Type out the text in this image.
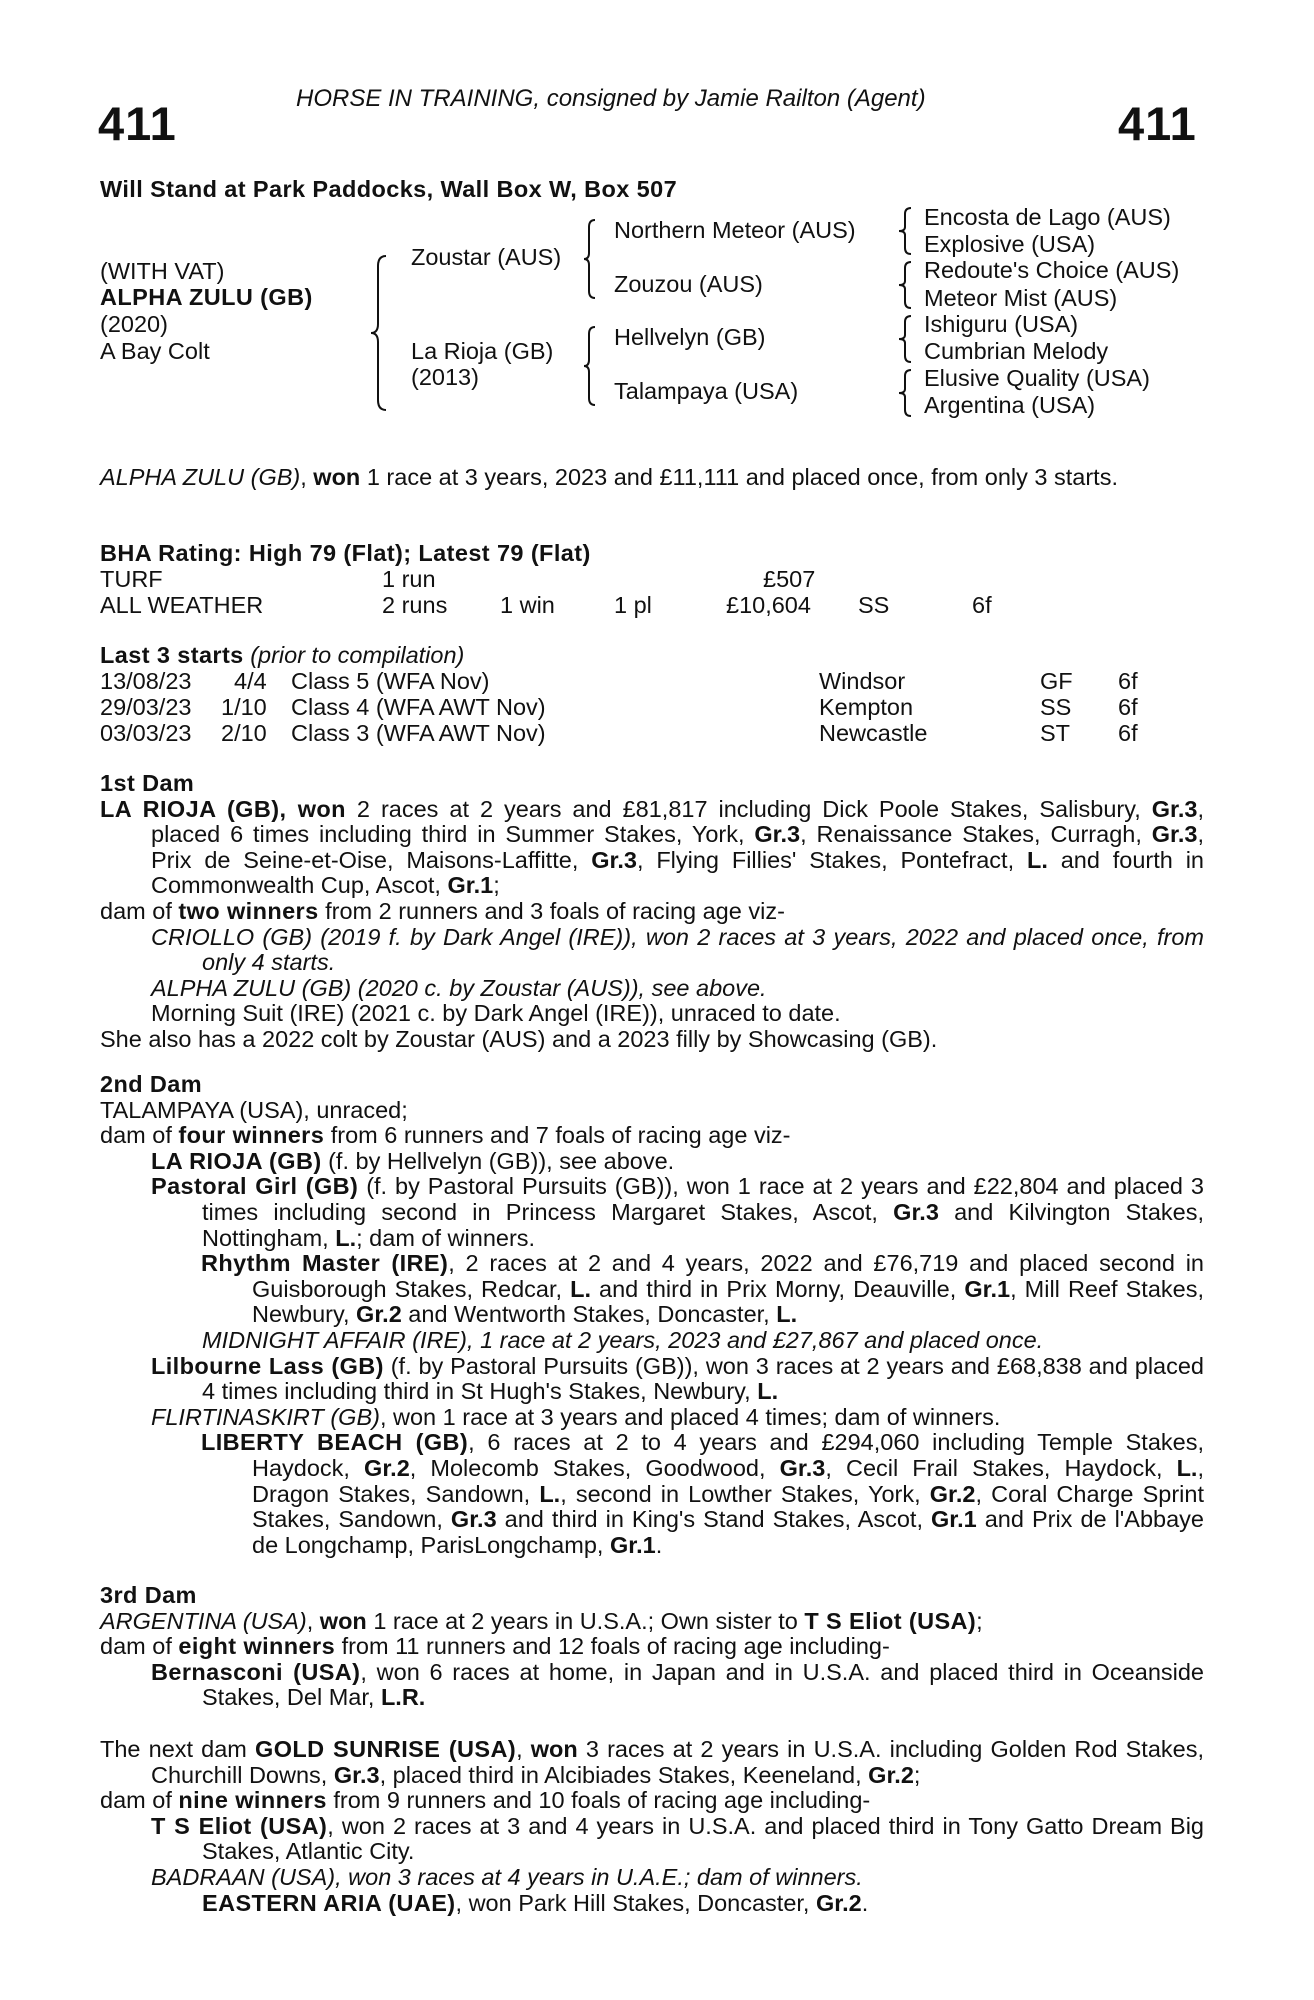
HORSE IN TRAINING, consigned by Jamie Railton (Agent)
411	411
Will Stand at Park Paddocks, Wall Box W, Box 507
(WITH VAT)
ALPHA ZULU (GB)
(2020)
A Bay Colt
Zoustar (AUS)
La Rioja (GB)
(2013)
Northern Meteor (AUS)
Zouzou (AUS)
Hellvelyn (GB)
Talampaya (USA)
Encosta de Lago (AUS)
Explosive (USA)
Redoute's Choice (AUS)
Meteor Mist (AUS)
Ishiguru (USA)
Cumbrian Melody
Elusive Quality (USA)
Argentina (USA)

ALPHA ZULU (GB), won 1 race at 3 years, 2023 and £11,111 and placed once, from only 3 starts.

BHA Rating: High 79 (Flat); Latest 79 (Flat)
TURF	1 run	£507
ALL WEATHER	2 runs 1 win	1 pl	£10,604 SS	6f
Last 3 starts (prior to compilation)
13/08/23 4/4 Class 5 (WFA Nov)	Windsor	GF 6f
29/03/23 1/10 Class 4 (WFA AWT Nov)	Kempton	SS 6f
03/03/23 2/10 Class 3 (WFA AWT Nov)	Newcastle	ST 6f

1st Dam

LA RIOJA (GB), won 2 races at 2 years and £81,817 including Dick Poole Stakes, Salisbury, Gr.3, placed 6 times including third in Summer Stakes, York, Gr.3, Renaissance Stakes, Curragh, Gr.3, Prix de Seine-et-Oise, Maisons-Laffitte, Gr.3, Flying Fillies' Stakes, Pontefract, L. and fourth in Commonwealth Cup, Ascot, Gr.1;

dam of two winners from 2 runners and 3 foals of racing age viz-

CRIOLLO (GB) (2019 f. by Dark Angel (IRE)), won 2 races at 3 years, 2022 and placed once, from only 4 starts.

ALPHA ZULU (GB) (2020 c. by Zoustar (AUS)), see above.

Morning Suit (IRE) (2021 c. by Dark Angel (IRE)), unraced to date.

She also has a 2022 colt by Zoustar (AUS) and a 2023 filly by Showcasing (GB).

2nd Dam

TALAMPAYA (USA), unraced;

dam of four winners from 6 runners and 7 foals of racing age viz-

LA RIOJA (GB) (f. by Hellvelyn (GB)), see above.

Pastoral Girl (GB) (f. by Pastoral Pursuits (GB)), won 1 race at 2 years and £22,804 and placed 3 times including second in Princess Margaret Stakes, Ascot, Gr.3 and Kilvington Stakes, Nottingham, L.; dam of winners.

Rhythm Master (IRE), 2 races at 2 and 4 years, 2022 and £76,719 and placed second in Guisborough Stakes, Redcar, L. and third in Prix Morny, Deauville, Gr.1, Mill Reef Stakes, Newbury, Gr.2 and Wentworth Stakes, Doncaster, L.

MIDNIGHT AFFAIR (IRE), 1 race at 2 years, 2023 and £27,867 and placed once.

Lilbourne Lass (GB) (f. by Pastoral Pursuits (GB)), won 3 races at 2 years and £68,838 and placed 4 times including third in St Hugh's Stakes, Newbury, L.

FLIRTINASKIRT (GB), won 1 race at 3 years and placed 4 times; dam of winners.

LIBERTY BEACH (GB), 6 races at 2 to 4 years and £294,060 including Temple Stakes, Haydock, Gr.2, Molecomb Stakes, Goodwood, Gr.3, Cecil Frail Stakes, Haydock, L., Dragon Stakes, Sandown, L., second in Lowther Stakes, York, Gr.2, Coral Charge Sprint Stakes, Sandown, Gr.3 and third in King's Stand Stakes, Ascot, Gr.1 and Prix de l'Abbaye de Longchamp, ParisLongchamp, Gr.1.

3rd Dam

ARGENTINA (USA), won 1 race at 2 years in U.S.A.; Own sister to T S Eliot (USA);

dam of eight winners from 11 runners and 12 foals of racing age including-

Bernasconi (USA), won 6 races at home, in Japan and in U.S.A. and placed third in Oceanside Stakes, Del Mar, L.R.

The next dam GOLD SUNRISE (USA), won 3 races at 2 years in U.S.A. including Golden Rod Stakes, Churchill Downs, Gr.3, placed third in Alcibiades Stakes, Keeneland, Gr.2;

dam of nine winners from 9 runners and 10 foals of racing age including-

T S Eliot (USA), won 2 races at 3 and 4 years in U.S.A. and placed third in Tony Gatto Dream Big Stakes, Atlantic City.

BADRAAN (USA), won 3 races at 4 years in U.A.E.; dam of winners.

EASTERN ARIA (UAE), won Park Hill Stakes, Doncaster, Gr.2.
